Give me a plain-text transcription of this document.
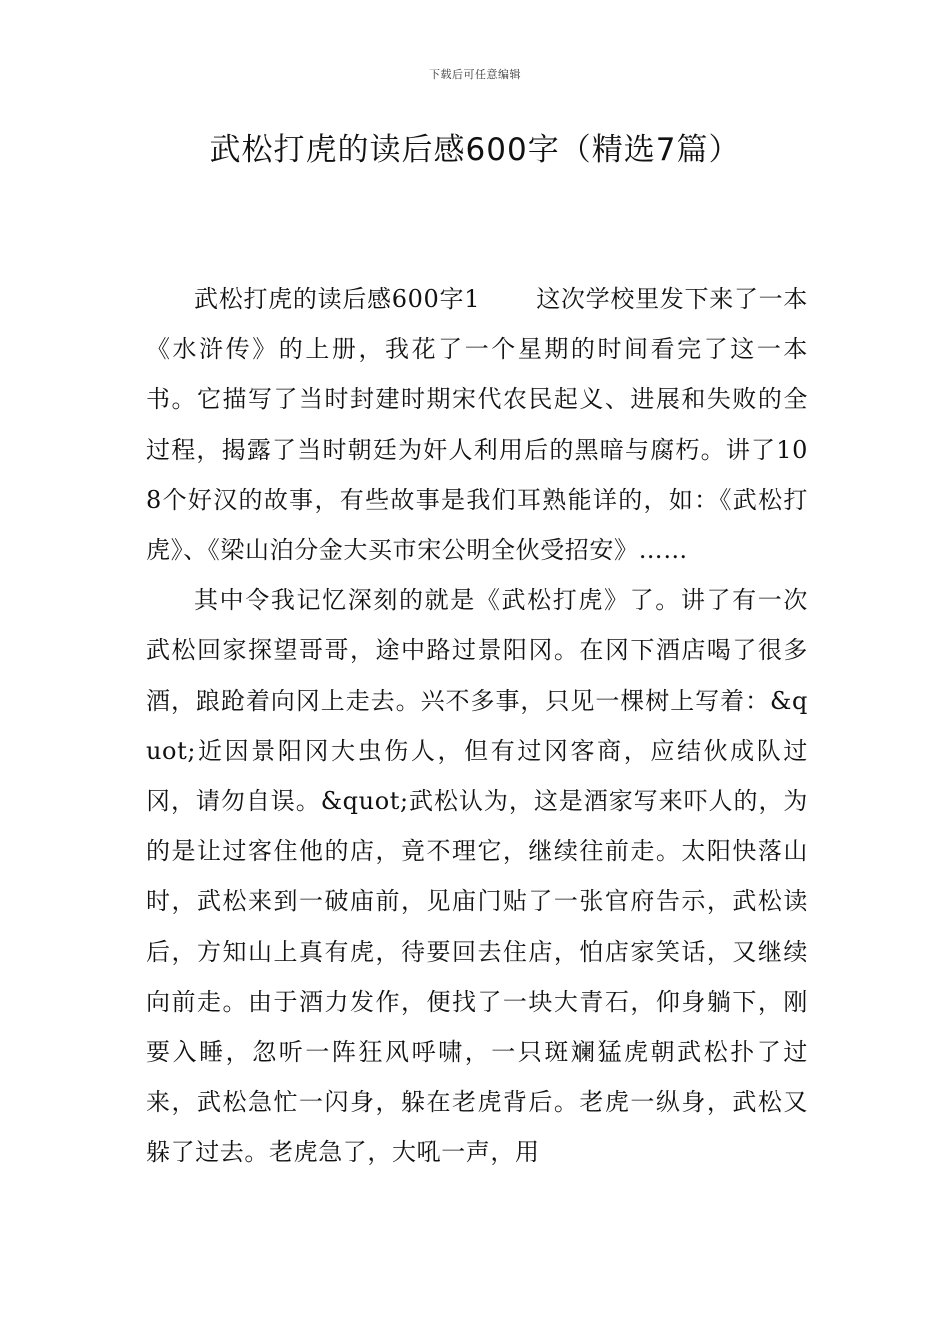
下载后可任意编辑
武松打虎的读后感600字（精选7篇）

武松打虎的读后感600字1 这次学校里发下来了一本《水浒传》的上册，我花了一个星期的时间看完了这一本书。它描写了当时封建时期宋代农民起义、进展和失败的全过程，揭露了当时朝廷为奸人利用后的黑暗与腐朽。讲了108个好汉的故事，有些故事是我们耳熟能详的，如：《武松打虎》、《梁山泊分金大买市宋公明全伙受招安》……

其中令我记忆深刻的就是《武松打虎》了。讲了有一次武松回家探望哥哥，途中路过景阳冈。在冈下酒店喝了很多酒，踉跄着向冈上走去。兴不多事，只见一棵树上写着：&quot;近因景阳冈大虫伤人，但有过冈客商，应结伙成队过冈，请勿自误。&quot;武松认为，这是酒家写来吓人的，为的是让过客住他的店，竟不理它，继续往前走。太阳快落山时，武松来到一破庙前，见庙门贴了一张官府告示，武松读后，方知山上真有虎，待要回去住店，怕店家笑话，又继续向前走。由于酒力发作，便找了一块大青石，仰身躺下，刚要入睡，忽听一阵狂风呼啸，一只斑斓猛虎朝武松扑了过来，武松急忙一闪身，躲在老虎背后。老虎一纵身，武松又躲了过去。老虎急了，大吼一声，用
